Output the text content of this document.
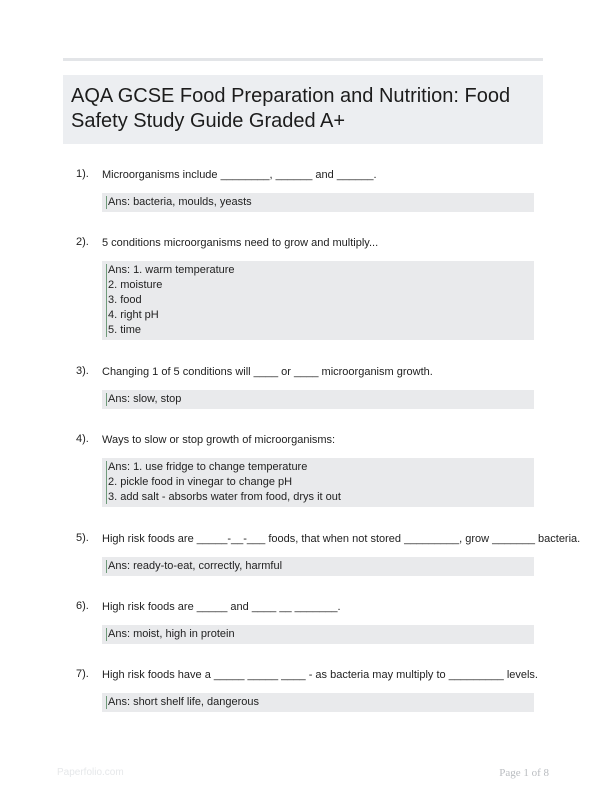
AQA GCSE Food Preparation and Nutrition: Food Safety Study Guide Graded A+
1). Microorganisms include ________, ______ and ______.
Ans: bacteria, moulds, yeasts
2). 5 conditions microorganisms need to grow and multiply...
Ans: 1. warm temperature
2. moisture
3. food
4. right pH
5. time
3). Changing 1 of 5 conditions will ____ or ____ microorganism growth.
Ans: slow, stop
4). Ways to slow or stop growth of microorganisms:
Ans: 1. use fridge to change temperature
2. pickle food in vinegar to change pH
3. add salt - absorbs water from food, drys it out
5). High risk foods are _____-__-___ foods, that when not stored _________, grow _______ bacteria.
Ans: ready-to-eat, correctly, harmful
6). High risk foods are _____ and ____ __ _______.
Ans: moist, high in protein
7). High risk foods have a _____ _____ ____ - as bacteria may multiply to _________ levels.
Ans: short shelf life, dangerous
Paperfolio.com	Page 1 of 8
